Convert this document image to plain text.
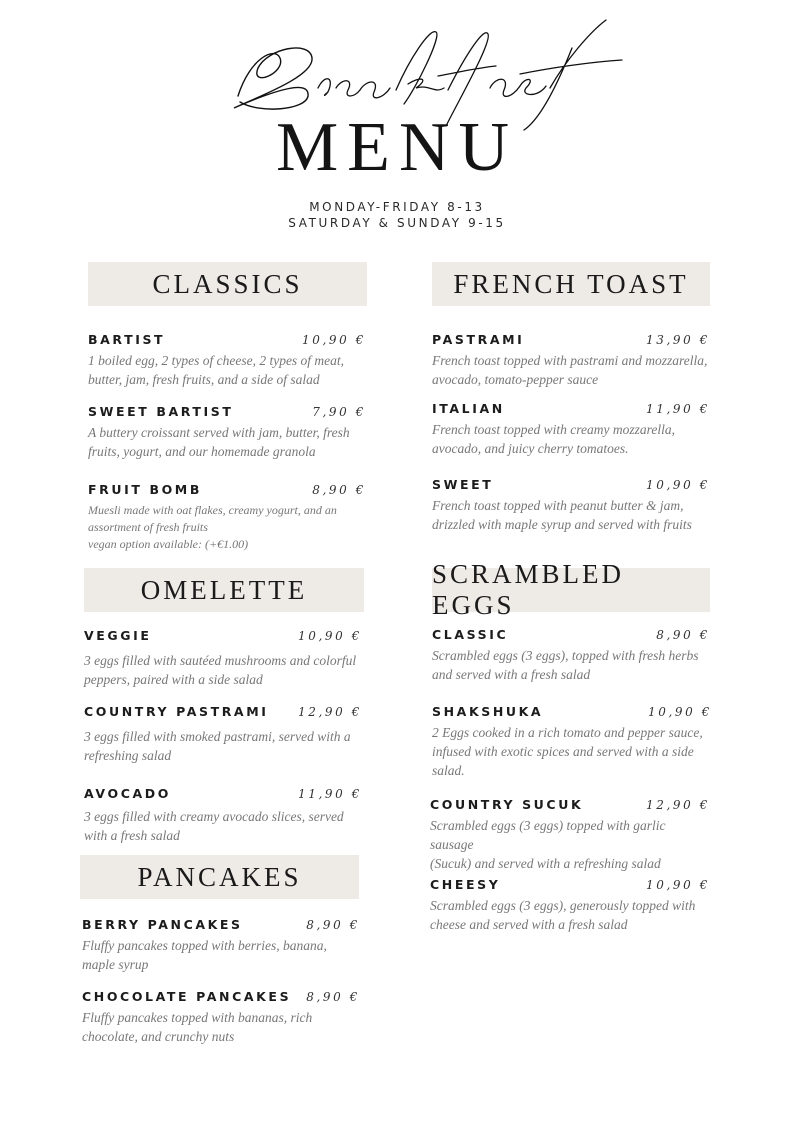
Breakfast
MENU
MONDAY-FRIDAY 8-13
SATURDAY & SUNDAY 9-15
CLASSICS
BARTIST	10,90 €
1 boiled egg, 2 types of cheese, 2 types of meat,
butter, jam, fresh fruits, and a side of salad
SWEET BARTIST	7,90 €
A buttery croissant served with jam, butter, fresh
fruits, yogurt, and our homemade granola
FRUIT BOMB	8,90 €
Muesli made with oat flakes, creamy yogurt, and an
assortment of fresh fruits
vegan option available: (+€1.00)
FRENCH TOAST
PASTRAMI	13,90 €
French toast topped with pastrami and mozzarella,
avocado, tomato-pepper sauce
ITALIAN	11,90 €
French toast topped with creamy mozzarella,
avocado, and juicy cherry tomatoes.
SWEET	10,90 €
French toast topped with peanut butter & jam,
drizzled with maple syrup and served with fruits
OMELETTE
VEGGIE	10,90 €
3 eggs filled with sautéed mushrooms and colorful
peppers, paired with a side salad
COUNTRY PASTRAMI 12,90 €
3 eggs filled with smoked pastrami, served with a
refreshing salad
AVOCADO	11,90 €
3 eggs filled with creamy avocado slices, served
with a fresh salad
SCRAMBLED EGGS
CLASSIC	8,90 €
Scrambled eggs (3 eggs), topped with fresh herbs
and served with a fresh salad
SHAKSHUKA	10,90 €
2 Eggs cooked in a rich tomato and pepper sauce,
infused with exotic spices and served with a side
salad.
COUNTRY SUCUK	12,90 €
Scrambled eggs (3 eggs) topped with garlic sausage
(Sucuk) and served with a refreshing salad
CHEESY	10,90 €
Scrambled eggs (3 eggs), generously topped with
cheese and served with a fresh salad
PANCAKES
BERRY PANCAKES	8,90 €
Fluffy pancakes topped with berries, banana,
maple syrup
CHOCOLATE PANCAKES 8,90 €
Fluffy pancakes topped with bananas, rich
chocolate, and crunchy nuts
